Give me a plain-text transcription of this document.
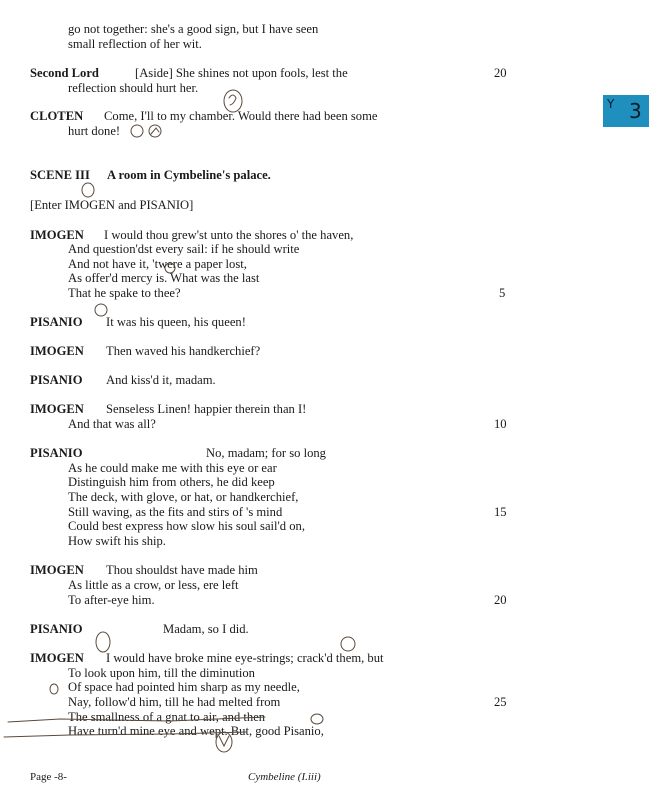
Y 3
go not together: she's a good sign, but I have seen
small reflection of her wit.
Second Lord	[Aside] She shines not upon fools, lest the	20
reflection should hurt her.
CLOTEN Come, I'll to my chamber. Would there had been some
hurt done!
SCENE III A room in Cymbeline's palace.
[Enter IMOGEN and PISANIO]
IMOGEN I would thou grew'st unto the shores o' the haven,
And question'dst every sail: if he should write
And not have it, 'twere a paper lost,
As offer'd mercy is. What was the last
That he spake to thee?	5
PISANIO It was his queen, his queen!
IMOGEN Then waved his handkerchief?
PISANIO And kiss'd it, madam.
IMOGEN Senseless Linen! happier therein than I!
And that was all?	10
PISANIO	No, madam; for so long
As he could make me with this eye or ear
Distinguish him from others, he did keep
The deck, with glove, or hat, or handkerchief,
Still waving, as the fits and stirs of 's mind	15
Could best express how slow his soul sail'd on,
How swift his ship.
IMOGEN Thou shouldst have made him
As little as a crow, or less, ere left
To after-eye him.	20
PISANIO	Madam, so I did.
IMOGEN I would have broke mine eye-strings; crack'd them, but
To look upon him, till the diminution
Of space had pointed him sharp as my needle,
Nay, follow'd him, till he had melted from	25
The smallness of a gnat to air, and then
Have turn'd mine eye and wept. But, good Pisanio,
Page -8-	Cymbeline (I.iii)
